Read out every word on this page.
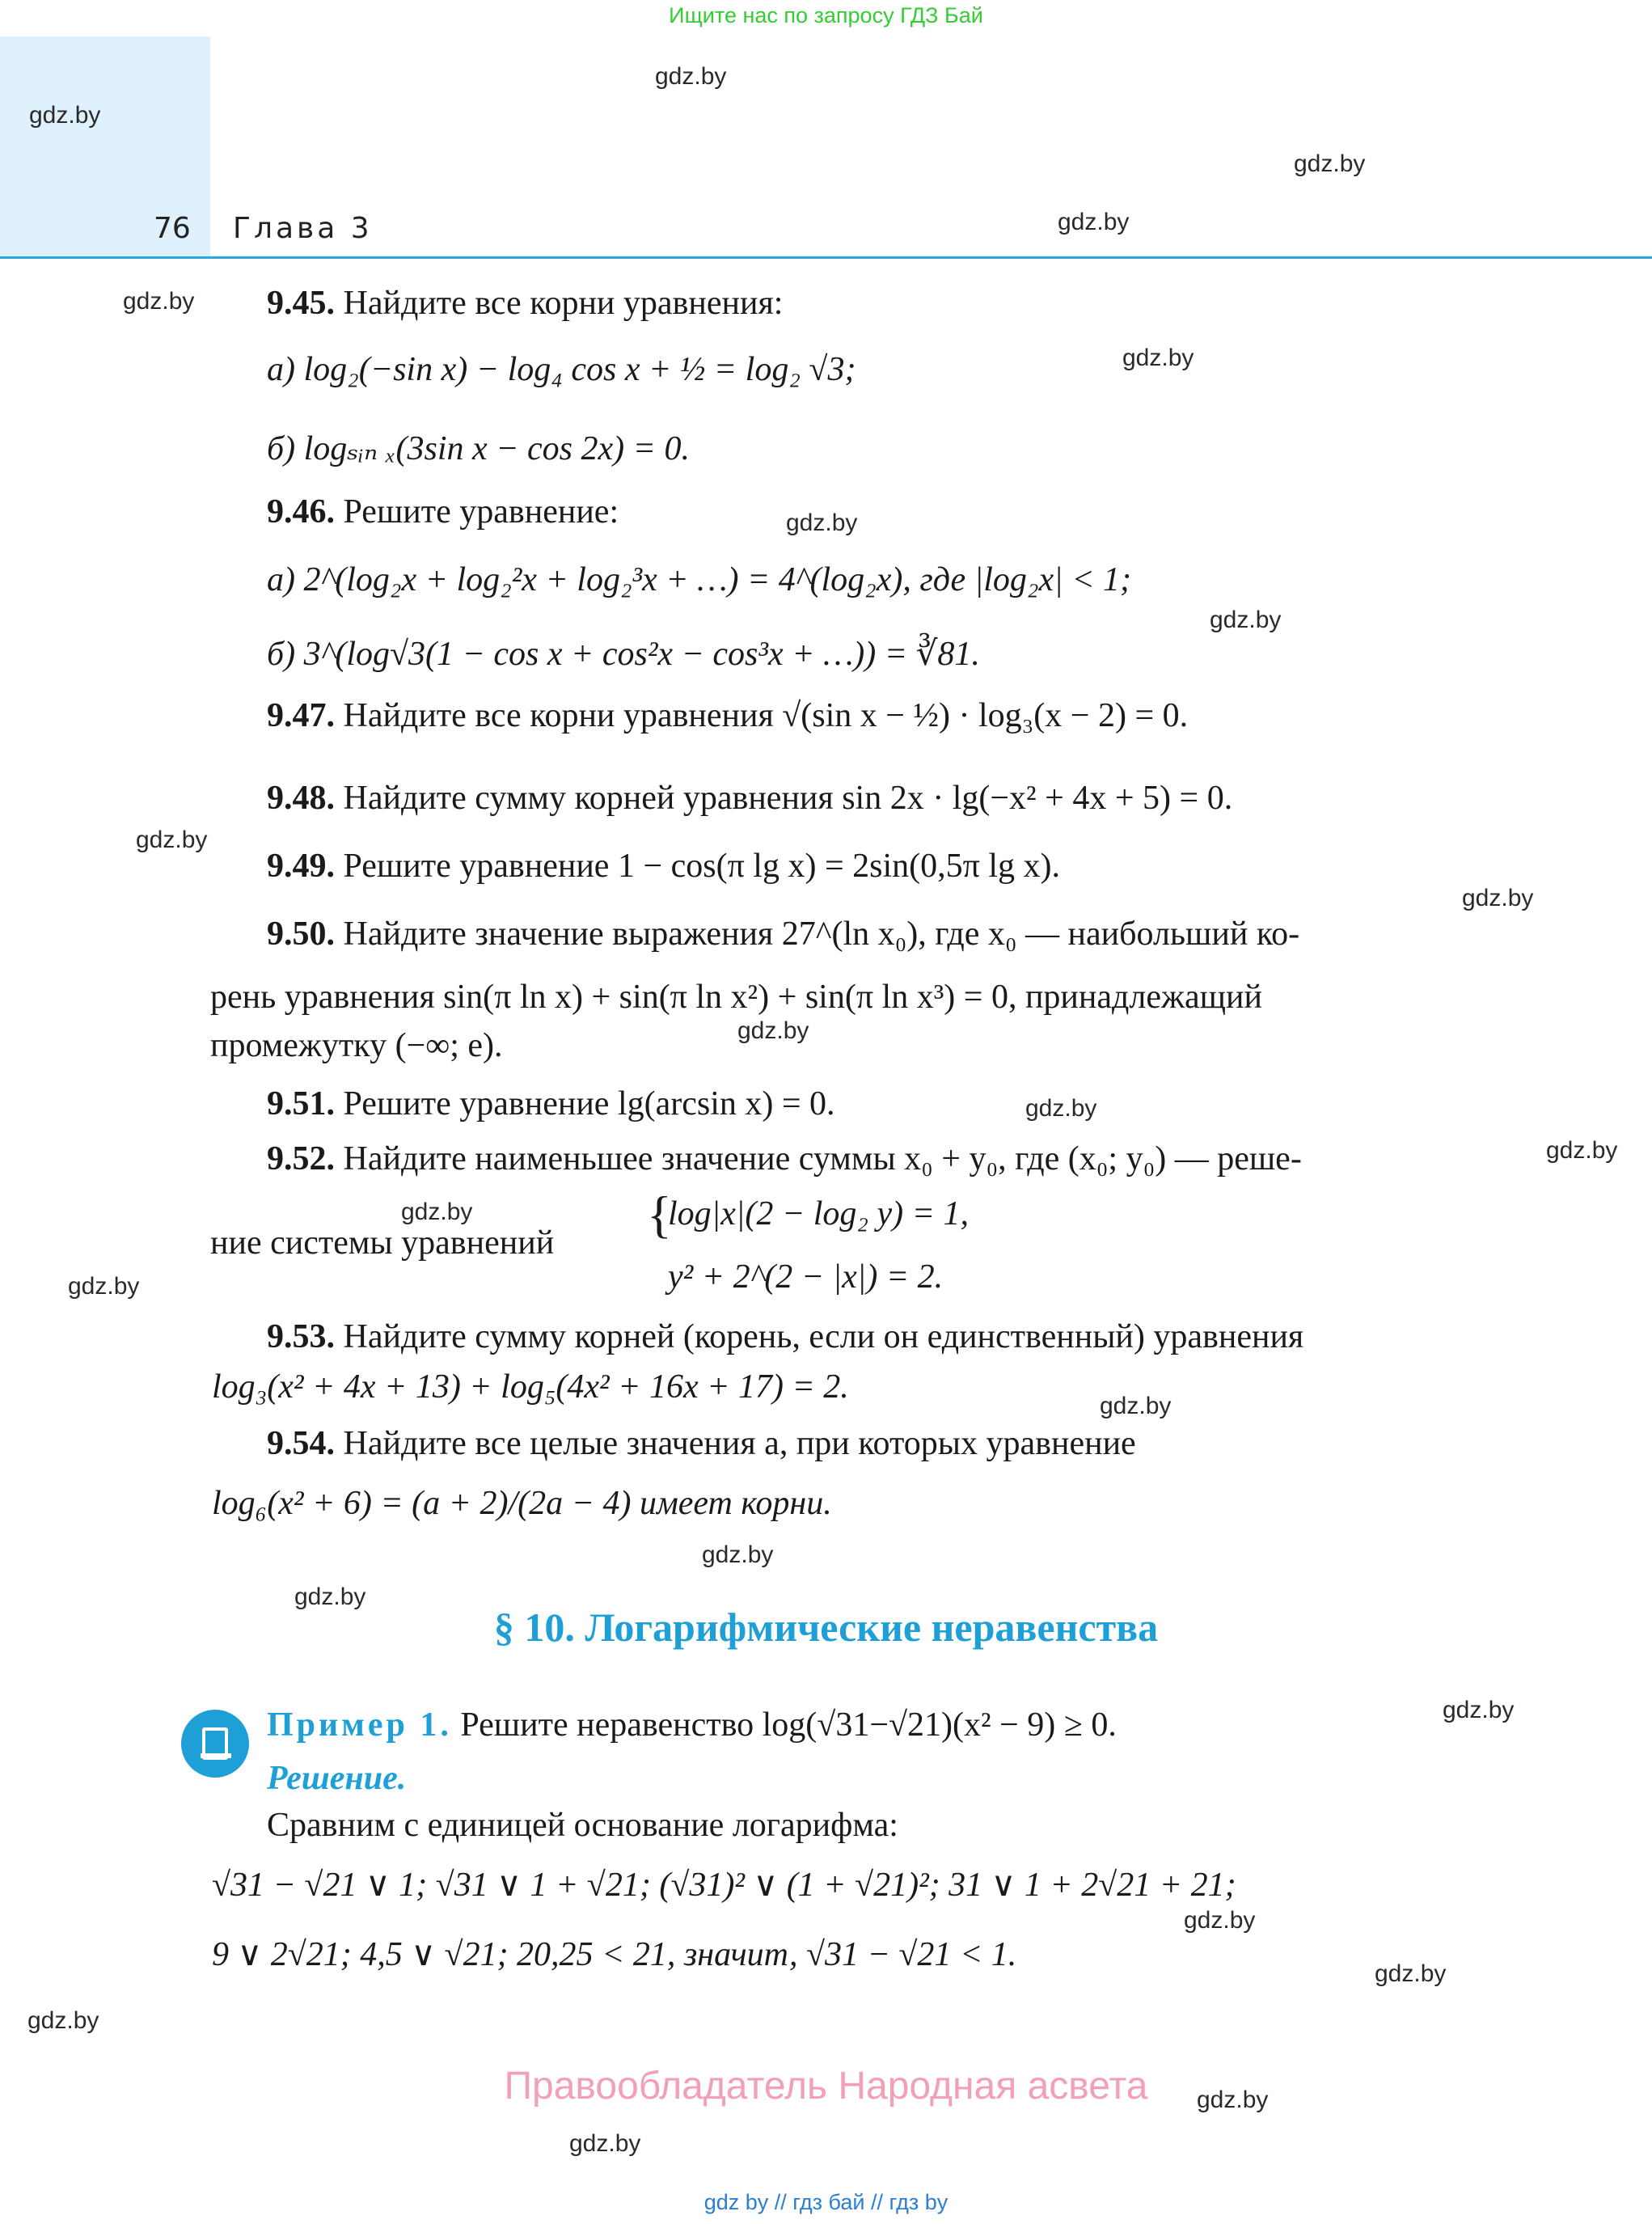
Ищите нас по запросу ГДЗ Бай
76 Глава 3
gdz.by
gdz.by
gdz.by
gdz.by
gdz.by
gdz.by
gdz.by
gdz.by
gdz.by
gdz.by
gdz.by
gdz.by
gdz.by
gdz.by
gdz.by
gdz.by
gdz.by
gdz.by
gdz.by
gdz.by
gdz.by
gdz.by
gdz.by
gdz.by
9.45. Найдите все корни уравнения:
а) log₂(−sin x) − log₄ cos x + ½ = log₂ √3;
б) logₛᵢₙ ₓ(3sin x − cos 2x) = 0.
9.46. Решите уравнение:
а) 2^(log₂x + log₂²x + log₂³x + …) = 4^(log₂x), где |log₂x| < 1;
б) 3^(log√3(1 − cos x + cos²x − cos³x + …)) = ∛81.
9.47. Найдите все корни уравнения √(sin x − ½) · log₃(x − 2) = 0.
9.48. Найдите сумму корней уравнения sin 2x · lg(−x² + 4x + 5) = 0.
9.49. Решите уравнение 1 − cos(π lg x) = 2sin(0,5π lg x).
9.50. Найдите значение выражения 27^(ln x₀), где x₀ — наибольший ко-
рень уравнения sin(π ln x) + sin(π ln x²) + sin(π ln x³) = 0, принадлежащий
промежутку (−∞; e).
9.51. Решите уравнение lg(arcsin x) = 0.
9.52. Найдите наименьшее значение суммы x₀ + y₀, где (x₀; y₀) — реше-
ние системы уравнений {
log|x|(2 − log₂ y) = 1,
y² + 2^(2 − |x|) = 2.
9.53. Найдите сумму корней (корень, если он единственный) уравнения
log₃(x² + 4x + 13) + log₅(4x² + 16x + 17) = 2.
9.54. Найдите все целые значения a, при которых уравнение
log₆(x² + 6) = (a + 2)/(2a − 4) имеет корни.
§ 10. Логарифмические неравенства
Пример 1. Решите неравенство log(√31−√21)(x² − 9) ≥ 0.
Решение.
Сравним с единицей основание логарифма:
√31 − √21 ∨ 1; √31 ∨ 1 + √21; (√31)² ∨ (1 + √21)²; 31 ∨ 1 + 2√21 + 21;
9 ∨ 2√21; 4,5 ∨ √21; 20,25 < 21, значит, √31 − √21 < 1.
Правообладатель Народная асвета
gdz by // гдз бай // гдз by
